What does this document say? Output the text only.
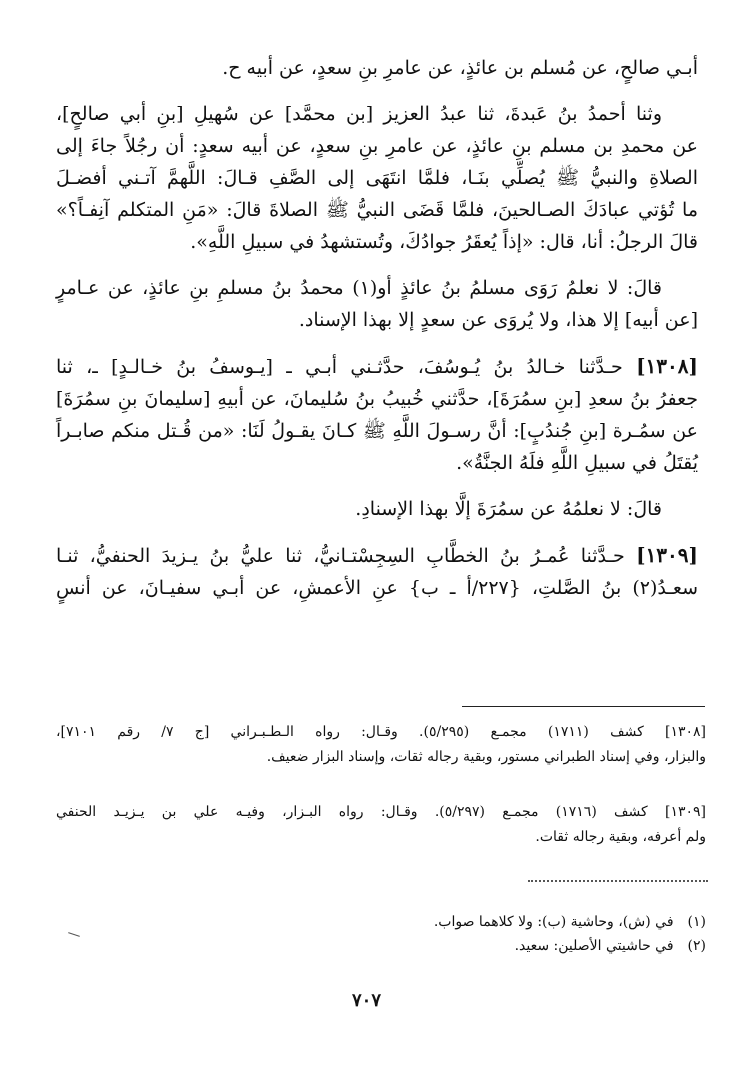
أبـي صالحٍ، عن مُسلم بن عائذٍ، عن عامرِ بنِ سعدٍ، عن أبيه ح.

وثنا أحمدُ بنُ عَبدةَ، ثنا عبدُ العزيز [بن محمَّد] عن سُهيلِ [بنِ أبي صالحٍ]،
عن محمدِ بن مسلم بنِ عائذٍ، عن عامرِ بنِ سعدٍ، عن أبيه سعدٍ: أن رجُلاً جاءَ إلى
الصلاةِ والنبيُّ ﷺ يُصلِّي بنَـا، فلمَّا انتَهَى إلى الصَّفِ قـالَ: اللَّهمَّ آتـني أفضـلَ
ما تُؤتي عبادَكَ الصـالحينَ، فلمَّا قَضَى النبيُّ ﷺ الصلاةَ قالَ: «مَنِ المتكلم آنِفـاً؟»
قالَ الرجلُ: أنا، قال: «إذاً يُعقَرُ جوادُكَ، وتُستشهدُ في سبيلِ اللَّهِ».

قالَ: لا نعلمُ رَوَى مسلمُ بنُ عائذٍ أو(١) محمدُ بنُ مسلمِ بنِ عائذٍ، عن عـامرٍ
[عن أبيه] إلا هذا، ولا يُروَى عن سعدٍ إلا بهذا الإسناد.

[١٣٠٨] حـدَّثنا خـالدُ بنُ يُـوسُفَ، حدَّثـني أبـي ـ [يـوسفُ بنُ خـالـدٍ] ـ، ثنا
جعفرُ بنُ سعدِ [بنِ سمُرَةَ]، حدَّثني خُبيبُ بنُ سُليمانَ، عن أبيهِ [سليمانَ بنِ سمُرَةَ]
عن سمُـرة [بنِ جُندُبٍ]: أنَّ رسـولَ اللَّهِ ﷺ كـانَ يقـولُ لَنَا: «من قُـتل منكم صابـراً
يُقتَلُ في سبيلِ اللَّهِ فلَهُ الجنَّةُ».

قالَ: لا نعلمُهُ عن سمُرَةَ إلَّا بهذا الإسنادِ.

[١٣٠٩] حـدَّثنا عُمـرُ بنُ الخطَّابِ السِجِسْتـانيُّ، ثنا عليُّ بنُ يـزيدَ الحنفيُّ، ثنـا
سعـدُ(٢) بنُ الصَّلتِ، {٢٢٧/أ ـ ب} عنِ الأعمشِ، عن أبـي سفيـانَ، عن أنسٍ

[١٣٠٨] كشف (١٧١١) مجمـع (٥/٢٩٥). وقـال: رواه الـطـبـراني [ج ٧/ رقم ٧١٠١]،
والبزار، وفي إسناد الطبراني مستور، وبقية رجاله ثقات، وإسناد البزار ضعيف.
[١٣٠٩] كشف (١٧١٦) مجمـع (٥/٢٩٧). وقـال: رواه البـزار، وفيـه علي بن يـزيـد الحنفي
ولم أعرفه، وبقية رجاله ثقات.
(١) في (ش)، وحاشية (ب): ولا كلاهما صواب.
(٢) في حاشيتي الأصلين: سعيد.
٧٠٧
